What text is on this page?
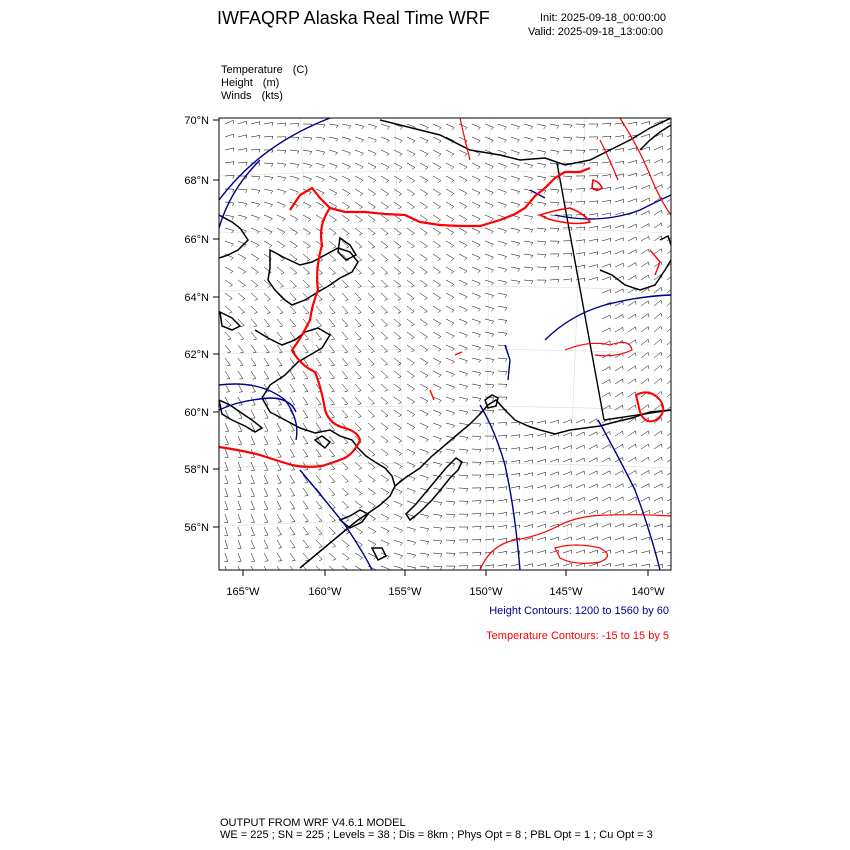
IWFAQRP Alaska Real Time WRF	Init: 2025-09-18_00:00:00
Valid: 2025-09-18_13:00:00
Temperature (C)
Height (m)
Winds (kts)
70°N
68°N
66°N
64°N
62°N
60°N
58°N
56°N
165°W	160°W	155°W	150°W	145°W	140°W
Height Contours: 1200 to 1560 by 60
Temperature Contours: -15 to 15 by 5
OUTPUT FROM WRF V4.6.1 MODEL
WE = 225 ; SN = 225 ; Levels = 38 ; Dis = 8km ; Phys Opt = 8 ; PBL Opt = 1 ; Cu Opt = 3
